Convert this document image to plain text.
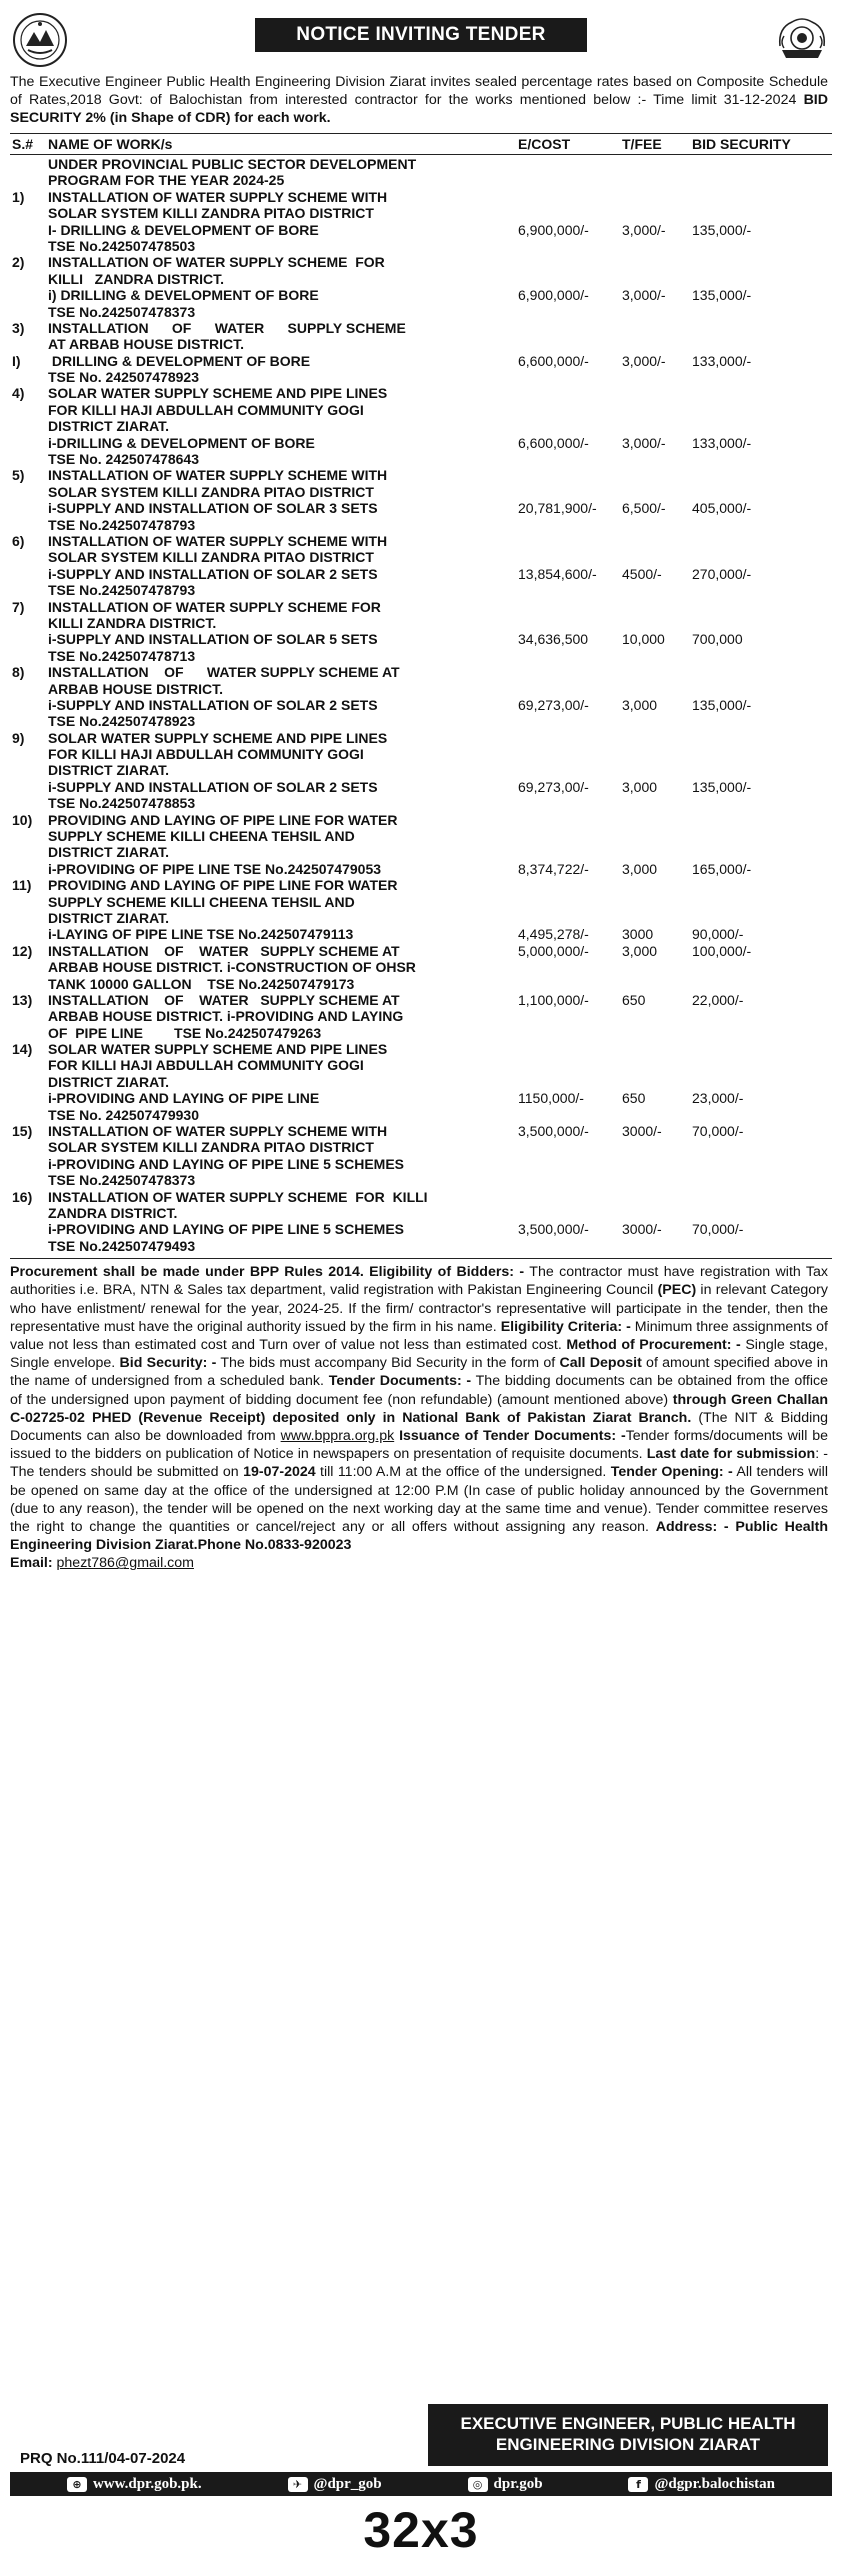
NOTICE INVITING TENDER

The Executive Engineer Public Health Engineering Division Ziarat invites sealed percentage rates based on Composite Schedule of Rates,2018 Govt: of Balochistan from interested contractor for the works mentioned below :- Time limit 31-12-2024 BID SECURITY 2% (in Shape of CDR) for each work.

S.#	NAME OF WORK/s	E/COST	T/FEE	BID SECURITY
UNDER PROVINCIAL PUBLIC SECTOR DEVELOPMENT
PROGRAM FOR THE YEAR 2024-25
1)	INSTALLATION OF WATER SUPPLY SCHEME WITH
SOLAR SYSTEM KILLI ZANDRA PITAO DISTRICT
I- DRILLING & DEVELOPMENT OF BORE	6,900,000/-	3,000/-	135,000/-
TSE No.242507478503
2)	INSTALLATION OF WATER SUPPLY SCHEME  FOR
KILLI   ZANDRA DISTRICT.
i) DRILLING & DEVELOPMENT OF BORE	6,900,000/-	3,000/-	135,000/-
TSE No.242507478373
3)	INSTALLATION      OF      WATER      SUPPLY SCHEME
AT ARBAB HOUSE DISTRICT.
I)	DRILLING & DEVELOPMENT OF BORE	6,600,000/-	3,000/-	133,000/-
TSE No. 242507478923
4)	SOLAR WATER SUPPLY SCHEME AND PIPE LINES
FOR KILLI HAJI ABDULLAH COMMUNITY GOGI
DISTRICT ZIARAT.
i-DRILLING & DEVELOPMENT OF BORE	6,600,000/-	3,000/-	133,000/-
TSE No. 242507478643
5)	INSTALLATION OF WATER SUPPLY SCHEME WITH
SOLAR SYSTEM KILLI ZANDRA PITAO DISTRICT
i-SUPPLY AND INSTALLATION OF SOLAR 3 SETS	20,781,900/-	6,500/-	405,000/-
TSE No.242507478793
6)	INSTALLATION OF WATER SUPPLY SCHEME WITH
SOLAR SYSTEM KILLI ZANDRA PITAO DISTRICT
i-SUPPLY AND INSTALLATION OF SOLAR 2 SETS	13,854,600/-	4500/-	270,000/-
TSE No.242507478793
7)	INSTALLATION OF WATER SUPPLY SCHEME FOR
KILLI ZANDRA DISTRICT.
i-SUPPLY AND INSTALLATION OF SOLAR 5 SETS	34,636,500	10,000	700,000
TSE No.242507478713
8)	INSTALLATION    OF      WATER SUPPLY SCHEME AT
ARBAB HOUSE DISTRICT.
i-SUPPLY AND INSTALLATION OF SOLAR 2 SETS	69,273,00/-	3,000	135,000/-
TSE No.242507478923
9)	SOLAR WATER SUPPLY SCHEME AND PIPE LINES
FOR KILLI HAJI ABDULLAH COMMUNITY GOGI
DISTRICT ZIARAT.
i-SUPPLY AND INSTALLATION OF SOLAR 2 SETS	69,273,00/-	3,000	135,000/-
TSE No.242507478853
10)	PROVIDING AND LAYING OF PIPE LINE FOR WATER
SUPPLY SCHEME KILLI CHEENA TEHSIL AND
DISTRICT ZIARAT.
i-PROVIDING OF PIPE LINE TSE No.242507479053	8,374,722/-	3,000	165,000/-
11)	PROVIDING AND LAYING OF PIPE LINE FOR WATER
SUPPLY SCHEME KILLI CHEENA TEHSIL AND
DISTRICT ZIARAT.
i-LAYING OF PIPE LINE TSE No.242507479113	4,495,278/-	3000	90,000/-
12)	INSTALLATION    OF    WATER   SUPPLY SCHEME AT	5,000,000/-	3,000	100,000/-
ARBAB HOUSE DISTRICT. i-CONSTRUCTION OF OHSR
TANK 10000 GALLON    TSE No.242507479173
13)	INSTALLATION    OF    WATER   SUPPLY SCHEME AT	1,100,000/-	650	22,000/-
ARBAB HOUSE DISTRICT. i-PROVIDING AND LAYING
OF  PIPE LINE        TSE No.242507479263
14)	SOLAR WATER SUPPLY SCHEME AND PIPE LINES
FOR KILLI HAJI ABDULLAH COMMUNITY GOGI
DISTRICT ZIARAT.
i-PROVIDING AND LAYING OF PIPE LINE	1150,000/-	650	23,000/-
TSE No. 242507479930
15)	INSTALLATION OF WATER SUPPLY SCHEME WITH	3,500,000/-	3000/-	70,000/-
SOLAR SYSTEM KILLI ZANDRA PITAO DISTRICT
i-PROVIDING AND LAYING OF PIPE LINE 5 SCHEMES
TSE No.242507478373
16)	INSTALLATION OF WATER SUPPLY SCHEME  FOR  KILLI
ZANDRA DISTRICT.
i-PROVIDING AND LAYING OF PIPE LINE 5 SCHEMES	3,500,000/-	3000/-	70,000/-
TSE No.242507479493
Procurement shall be made under BPP Rules 2014. Eligibility of Bidders: - The contractor must have registration with Tax authorities i.e. BRA, NTN & Sales tax department, valid registration with Pakistan Engineering Council (PEC) in relevant Category who have enlistment/ renewal for the year, 2024-25. If the firm/ contractor's representative will participate in the tender, then the representative must have the original authority issued by the firm in his name. Eligibility Criteria: - Minimum three assignments of value not less than estimated cost and Turn over of value not less than estimated cost. Method of Procurement: - Single stage, Single envelope. Bid Security: - The bids must accompany Bid Security in the form of Call Deposit of amount specified above in the name of undersigned from a scheduled bank. Tender Documents: - The bidding documents can be obtained from the office of the undersigned upon payment of bidding document fee (non refundable) (amount mentioned above) through Green Challan C-02725-02 PHED (Revenue Receipt) deposited only in National Bank of Pakistan Ziarat Branch. (The NIT & Bidding Documents can also be downloaded from www.bppra.org.pk Issuance of Tender Documents: -Tender forms/documents will be issued to the bidders on publication of Notice in newspapers on presentation of requisite documents. Last date for submission: - The tenders should be submitted on 19-07-2024 till 11:00 A.M at the office of the undersigned. Tender Opening: - All tenders will be opened on same day at the office of the undersigned at 12:00 P.M (In case of public holiday announced by the Government (due to any reason), the tender will be opened on the next working day at the same time and venue). Tender committee reserves the right to change the quantities or cancel/reject any or all offers without assigning any reason. Address: - Public Health Engineering Division Ziarat.Phone No.0833-920023
Email: phezt786@gmail.com
PRQ No.111/04-07-2024
EXECUTIVE ENGINEER, PUBLIC HEALTH
ENGINEERING DIVISION ZIARAT
⊕ www.dpr.gob.pk.	✈ @dpr_gob	◎ dpr.gob	f @dgpr.balochistan
32x3
